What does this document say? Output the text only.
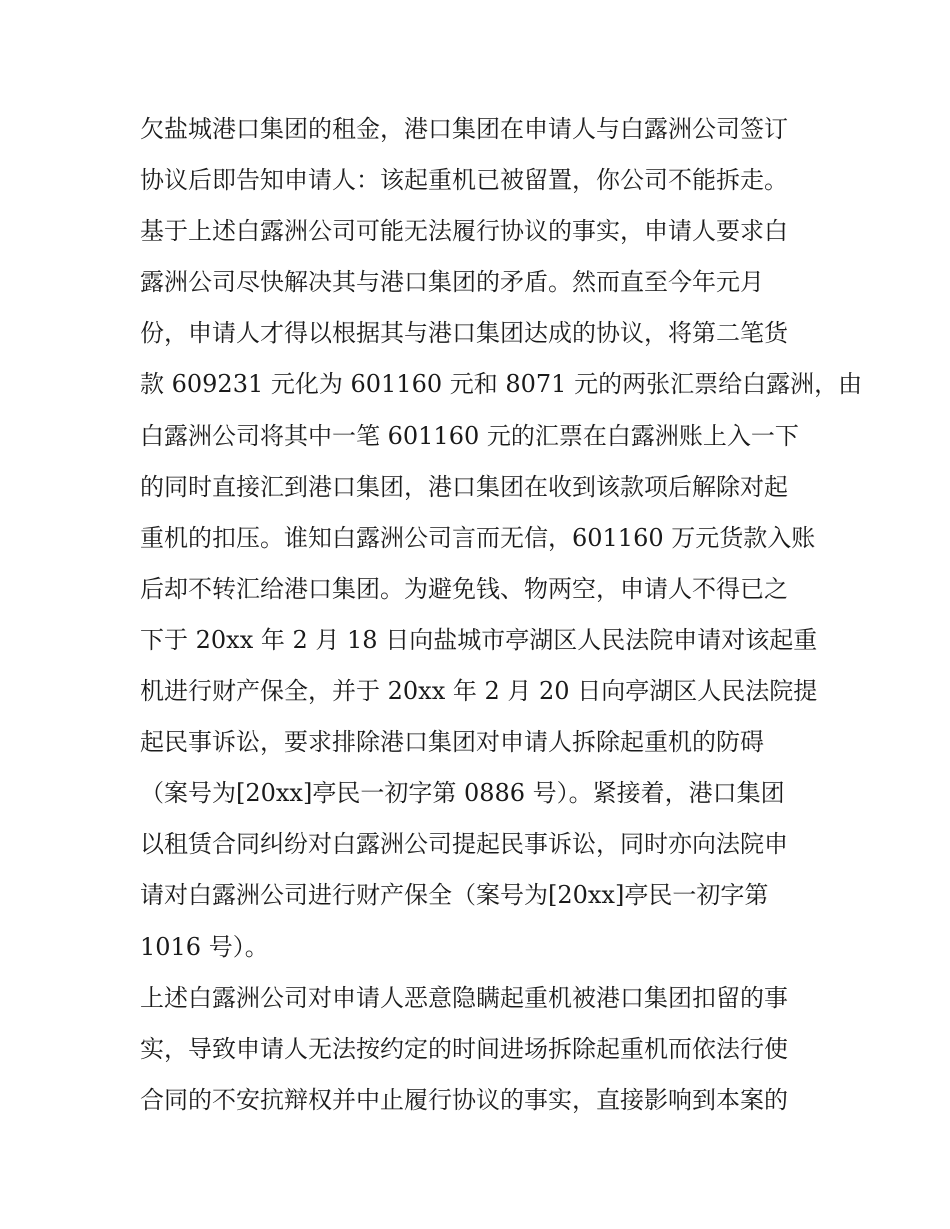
欠盐城港口集团的租金，港口集团在申请人与白露洲公司签订
协议后即告知申请人：该起重机已被留置，你公司不能拆走。
基于上述白露洲公司可能无法履行协议的事实，申请人要求白
露洲公司尽快解决其与港口集团的矛盾。然而直至今年元月
份，申请人才得以根据其与港口集团达成的协议，将第二笔货
款 609231 元化为 601160 元和 8071 元的两张汇票给白露洲，由
白露洲公司将其中一笔 601160 元的汇票在白露洲账上入一下
的同时直接汇到港口集团，港口集团在收到该款项后解除对起
重机的扣压。谁知白露洲公司言而无信，601160 万元货款入账
后却不转汇给港口集团。为避免钱、物两空，申请人不得已之
下于 20xx 年 2 月 18 日向盐城市亭湖区人民法院申请对该起重
机进行财产保全，并于 20xx 年 2 月 20 日向亭湖区人民法院提
起民事诉讼，要求排除港口集团对申请人拆除起重机的防碍
（案号为[20xx]亭民一初字第 0886 号）。紧接着，港口集团
以租赁合同纠纷对白露洲公司提起民事诉讼，同时亦向法院申
请对白露洲公司进行财产保全（案号为[20xx]亭民一初字第
1016 号）。
上述白露洲公司对申请人恶意隐瞒起重机被港口集团扣留的事
实，导致申请人无法按约定的时间进场拆除起重机而依法行使
合同的不安抗辩权并中止履行协议的事实，直接影响到本案的
